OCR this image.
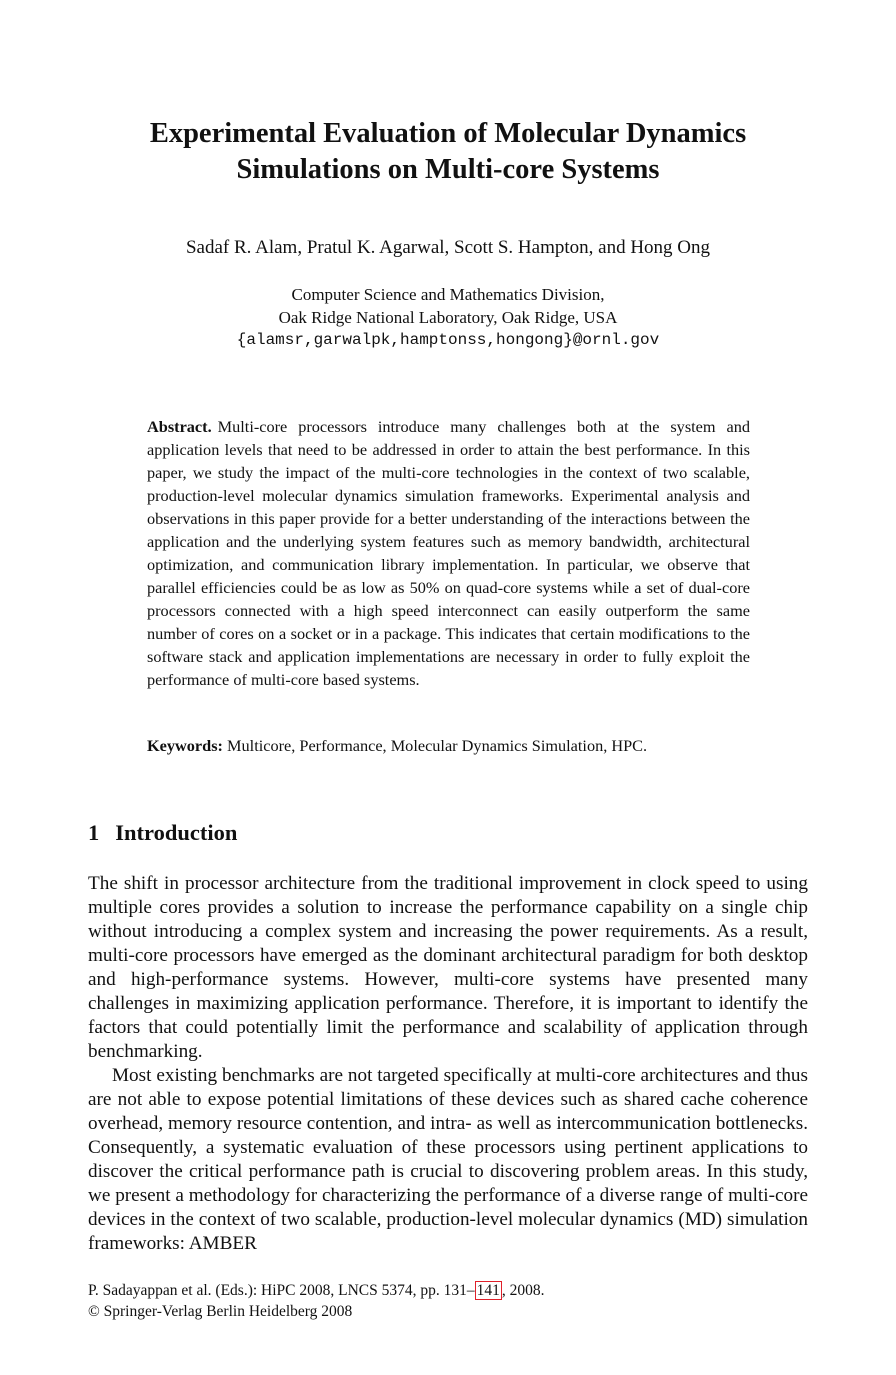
Experimental Evaluation of Molecular Dynamics
Simulations on Multi-core Systems
Sadaf R. Alam, Pratul K. Agarwal, Scott S. Hampton, and Hong Ong
Computer Science and Mathematics Division,
Oak Ridge National Laboratory, Oak Ridge, USA
{alamsr,garwalpk,hamptonss,hongong}@ornl.gov
Abstract. Multi-core processors introduce many challenges both at the system and application levels that need to be addressed in order to attain the best performance. In this paper, we study the impact of the multi-core technologies in the context of two scalable, production-level molecular dynamics simulation frameworks. Experimental analysis and observations in this paper provide for a better understanding of the interactions between the application and the underlying system features such as memory bandwidth, architectural optimization, and communication library implementation. In particular, we observe that parallel efficiencies could be as low as 50% on quad-core systems while a set of dual-core processors connected with a high speed interconnect can easily outperform the same number of cores on a socket or in a package. This indicates that certain modifications to the software stack and application implementations are necessary in order to fully exploit the performance of multi-core based systems.
Keywords: Multicore, Performance, Molecular Dynamics Simulation, HPC.
1 Introduction

The shift in processor architecture from the traditional improvement in clock speed to using multiple cores provides a solution to increase the performance capability on a single chip without introducing a complex system and increasing the power requirements. As a result, multi-core processors have emerged as the dominant architectural paradigm for both desktop and high-performance systems. However, multi-core systems have presented many challenges in maximizing application performance. Therefore, it is important to identify the factors that could potentially limit the performance and scalability of application through benchmarking.

Most existing benchmarks are not targeted specifically at multi-core architectures and thus are not able to expose potential limitations of these devices such as shared cache coherence overhead, memory resource contention, and intra- as well as intercommunication bottlenecks. Consequently, a systematic evaluation of these processors using pertinent applications to discover the critical performance path is crucial to discovering problem areas. In this study, we present a methodology for characterizing the performance of a diverse range of multi-core devices in the context of two scalable, production-level molecular dynamics (MD) simulation frameworks: AMBER

P. Sadayappan et al. (Eds.): HiPC 2008, LNCS 5374, pp. 131– 141 , 2008.
© Springer-Verlag Berlin Heidelberg 2008
